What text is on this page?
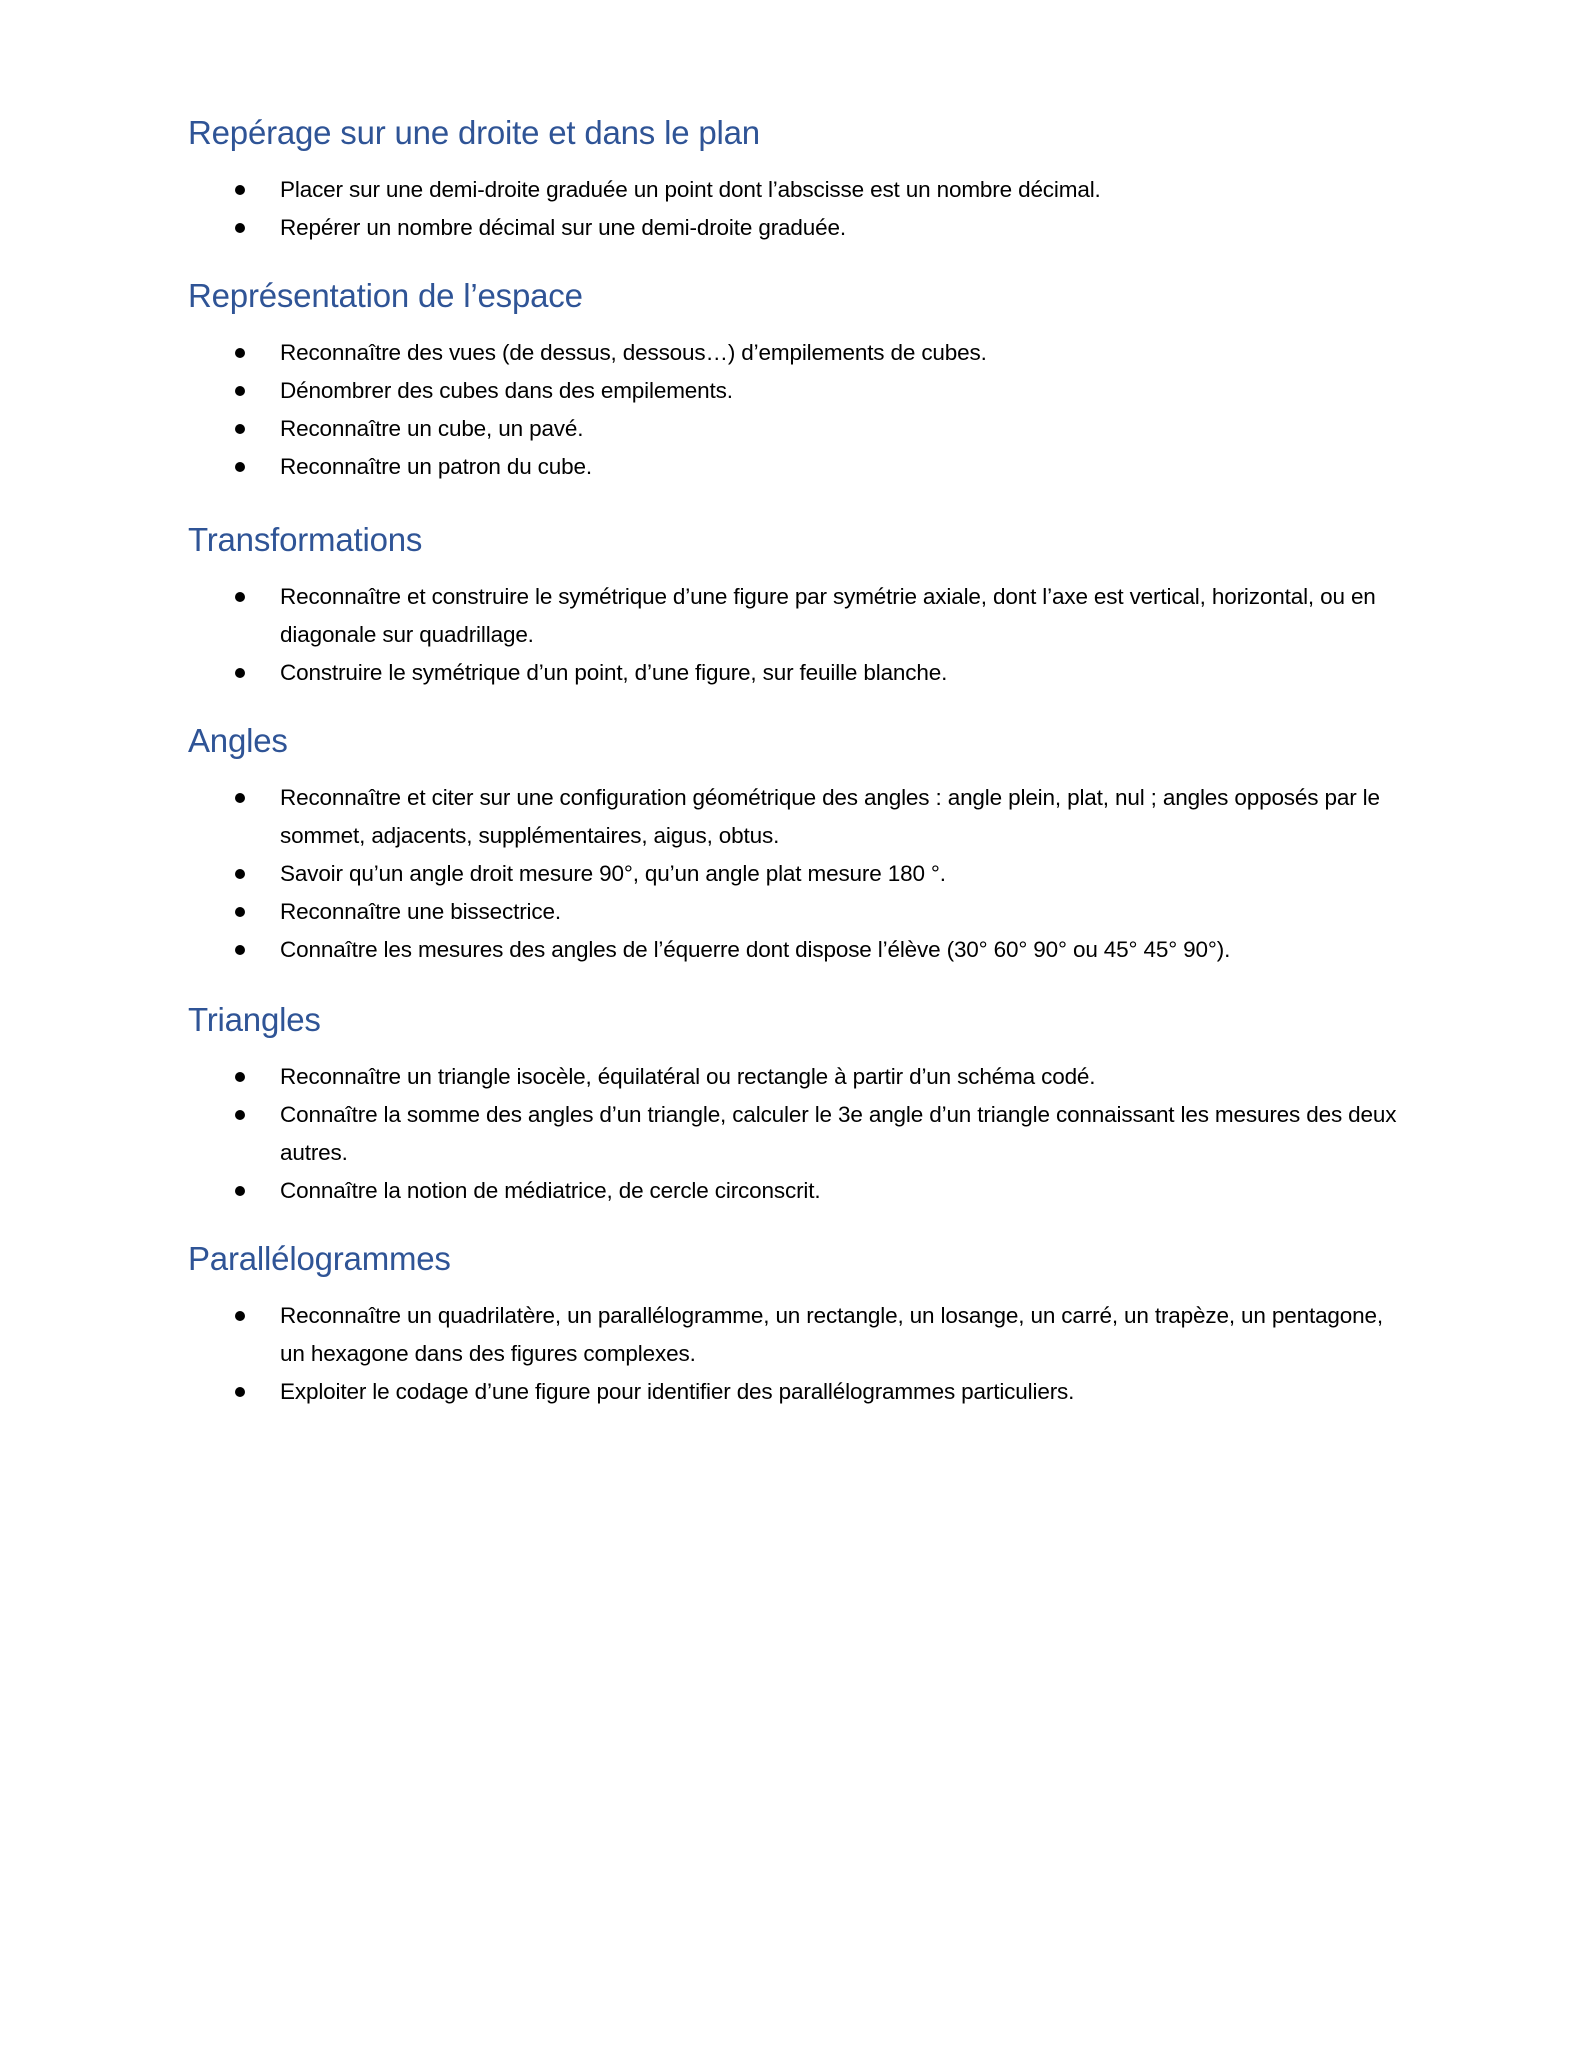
Repérage sur une droite et dans le plan
Placer sur une demi-droite graduée un point dont l’abscisse est un nombre décimal.
Repérer un nombre décimal sur une demi-droite graduée.
Représentation de l’espace
Reconnaître des vues (de dessus, dessous…) d’empilements de cubes.
Dénombrer des cubes dans des empilements.
Reconnaître un cube, un pavé.
Reconnaître un patron du cube.
Transformations
Reconnaître et construire le symétrique d’une figure par symétrie axiale, dont l’axe est vertical, horizontal, ou en diagonale sur quadrillage.
Construire le symétrique d’un point, d’une figure, sur feuille blanche.
Angles
Reconnaître et citer sur une configuration géométrique des angles : angle plein, plat, nul ; angles opposés par le sommet, adjacents, supplémentaires, aigus, obtus.
Savoir qu’un angle droit mesure 90°, qu’un angle plat mesure 180 °.
Reconnaître une bissectrice.
Connaître les mesures des angles de l’équerre dont dispose l’élève (30° 60° 90° ou 45° 45° 90°).
Triangles
Reconnaître un triangle isocèle, équilatéral ou rectangle à partir d’un schéma codé.
Connaître la somme des angles d’un triangle, calculer le 3e angle d’un triangle connaissant les mesures des deux autres.
Connaître la notion de médiatrice, de cercle circonscrit.
Parallélogrammes
Reconnaître un quadrilatère, un parallélogramme, un rectangle, un losange, un carré, un trapèze, un pentagone, un hexagone dans des figures complexes.
Exploiter le codage d’une figure pour identifier des parallélogrammes particuliers.
